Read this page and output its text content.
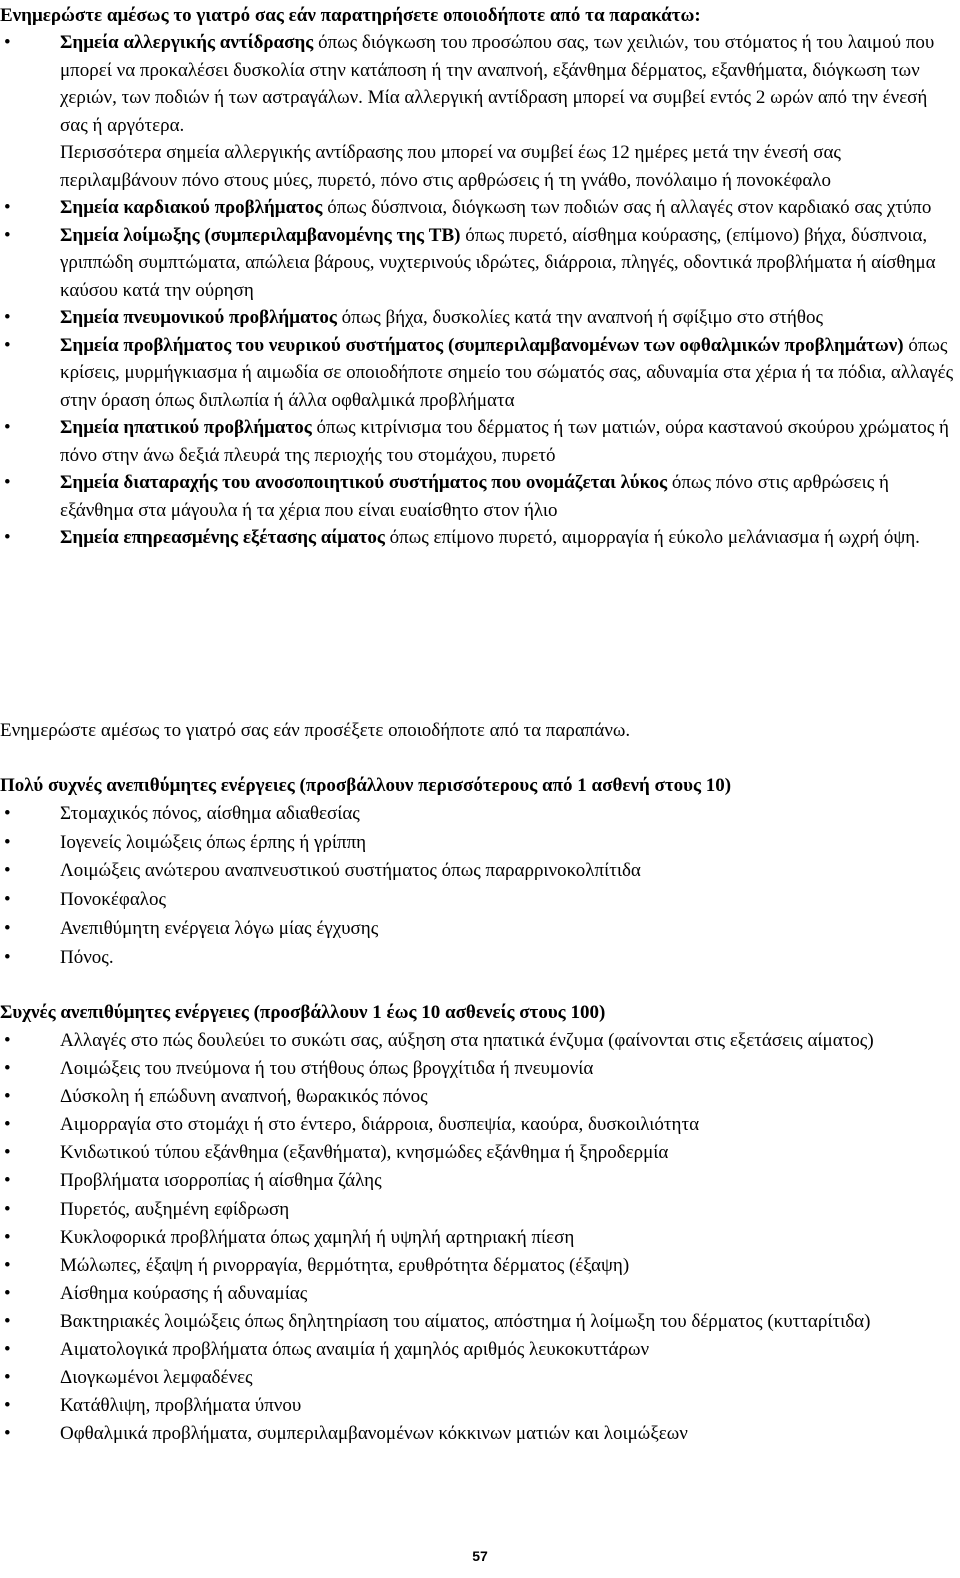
Ενημερώστε αμέσως το γιατρό σας εάν παρατηρήσετε οποιοδήποτε από τα παρακάτω:
• Σημεία αλλεργικής αντίδρασης όπως διόγκωση του προσώπου σας, των χειλιών, του στόματος ή του λαιμού που μπορεί να προκαλέσει δυσκολία στην κατάποση ή την αναπνοή, εξάνθημα δέρματος, εξανθήματα, διόγκωση των χεριών, των ποδιών ή των αστραγάλων. Μία αλλεργική αντίδραση μπορεί να συμβεί εντός 2 ωρών από την ένεσή σας ή αργότερα.
Περισσότερα σημεία αλλεργικής αντίδρασης που μπορεί να συμβεί έως 12 ημέρες μετά την ένεσή σας περιλαμβάνουν πόνο στους μύες, πυρετό, πόνο στις αρθρώσεις ή τη γνάθο, πονόλαιμο ή πονοκέφαλο
• Σημεία καρδιακού προβλήματος όπως δύσπνοια, διόγκωση των ποδιών σας ή αλλαγές στον καρδιακό σας χτύπο
• Σημεία λοίμωξης (συμπεριλαμβανομένης της TB) όπως πυρετό, αίσθημα κούρασης, (επίμονο) βήχα, δύσπνοια, γριππώδη συμπτώματα, απώλεια βάρους, νυχτερινούς ιδρώτες, διάρροια, πληγές, οδοντικά προβλήματα ή αίσθημα καύσου κατά την ούρηση
• Σημεία πνευμονικού προβλήματος όπως βήχα, δυσκολίες κατά την αναπνοή ή σφίξιμο στο στήθος
• Σημεία προβλήματος του νευρικού συστήματος (συμπεριλαμβανομένων των οφθαλμικών προβλημάτων) όπως κρίσεις, μυρμήγκιασμα ή αιμωδία σε οποιοδήποτε σημείο του σώματός σας, αδυναμία στα χέρια ή τα πόδια, αλλαγές στην όραση όπως διπλωπία ή άλλα οφθαλμικά προβλήματα
• Σημεία ηπατικού προβλήματος όπως κιτρίνισμα του δέρματος ή των ματιών, ούρα καστανού σκούρου χρώματος ή πόνο στην άνω δεξιά πλευρά της περιοχής του στομάχου, πυρετό
• Σημεία διαταραχής του ανοσοποιητικού συστήματος που ονομάζεται λύκος όπως πόνο στις αρθρώσεις ή εξάνθημα στα μάγουλα ή τα χέρια που είναι ευαίσθητο στον ήλιο
• Σημεία επηρεασμένης εξέτασης αίματος όπως επίμονο πυρετό, αιμορραγία ή εύκολο μελάνιασμα ή ωχρή όψη.
Ενημερώστε αμέσως το γιατρό σας εάν προσέξετε οποιοδήποτε από τα παραπάνω.
Πολύ συχνές ανεπιθύμητες ενέργειες (προσβάλλουν περισσότερους από 1 ασθενή στους 10)
• Στομαχικός πόνος, αίσθημα αδιαθεσίας
• Ιογενείς λοιμώξεις όπως έρπης ή γρίππη
• Λοιμώξεις ανώτερου αναπνευστικού συστήματος όπως παραρρινοκολπίτιδα
• Πονοκέφαλος
• Ανεπιθύμητη ενέργεια λόγω μίας έγχυσης
• Πόνος.
Συχνές ανεπιθύμητες ενέργειες (προσβάλλουν 1 έως 10 ασθενείς στους 100)
• Αλλαγές στο πώς δουλεύει το συκώτι σας, αύξηση στα ηπατικά ένζυμα (φαίνονται στις εξετάσεις αίματος)
• Λοιμώξεις του πνεύμονα ή του στήθους όπως βρογχίτιδα ή πνευμονία
• Δύσκολη ή επώδυνη αναπνοή, θωρακικός πόνος
• Αιμορραγία στο στομάχι ή στο έντερο, διάρροια, δυσπεψία, καούρα, δυσκοιλιότητα
• Κνιδωτικού τύπου εξάνθημα (εξανθήματα), κνησμώδες εξάνθημα ή ξηροδερμία
• Προβλήματα ισορροπίας ή αίσθημα ζάλης
• Πυρετός, αυξημένη εφίδρωση
• Κυκλοφορικά προβλήματα όπως χαμηλή ή υψηλή αρτηριακή πίεση
• Μώλωπες, έξαψη ή ρινορραγία, θερμότητα, ερυθρότητα δέρματος (έξαψη)
• Αίσθημα κούρασης ή αδυναμίας
• Βακτηριακές λοιμώξεις όπως δηλητηρίαση του αίματος, απόστημα ή λοίμωξη του δέρματος (κυτταρίτιδα)
• Αιματολογικά προβλήματα όπως αναιμία ή χαμηλός αριθμός λευκοκυττάρων
• Διογκωμένοι λεμφαδένες
• Κατάθλιψη, προβλήματα ύπνου
• Οφθαλμικά προβλήματα, συμπεριλαμβανομένων κόκκινων ματιών και λοιμώξεων
57
